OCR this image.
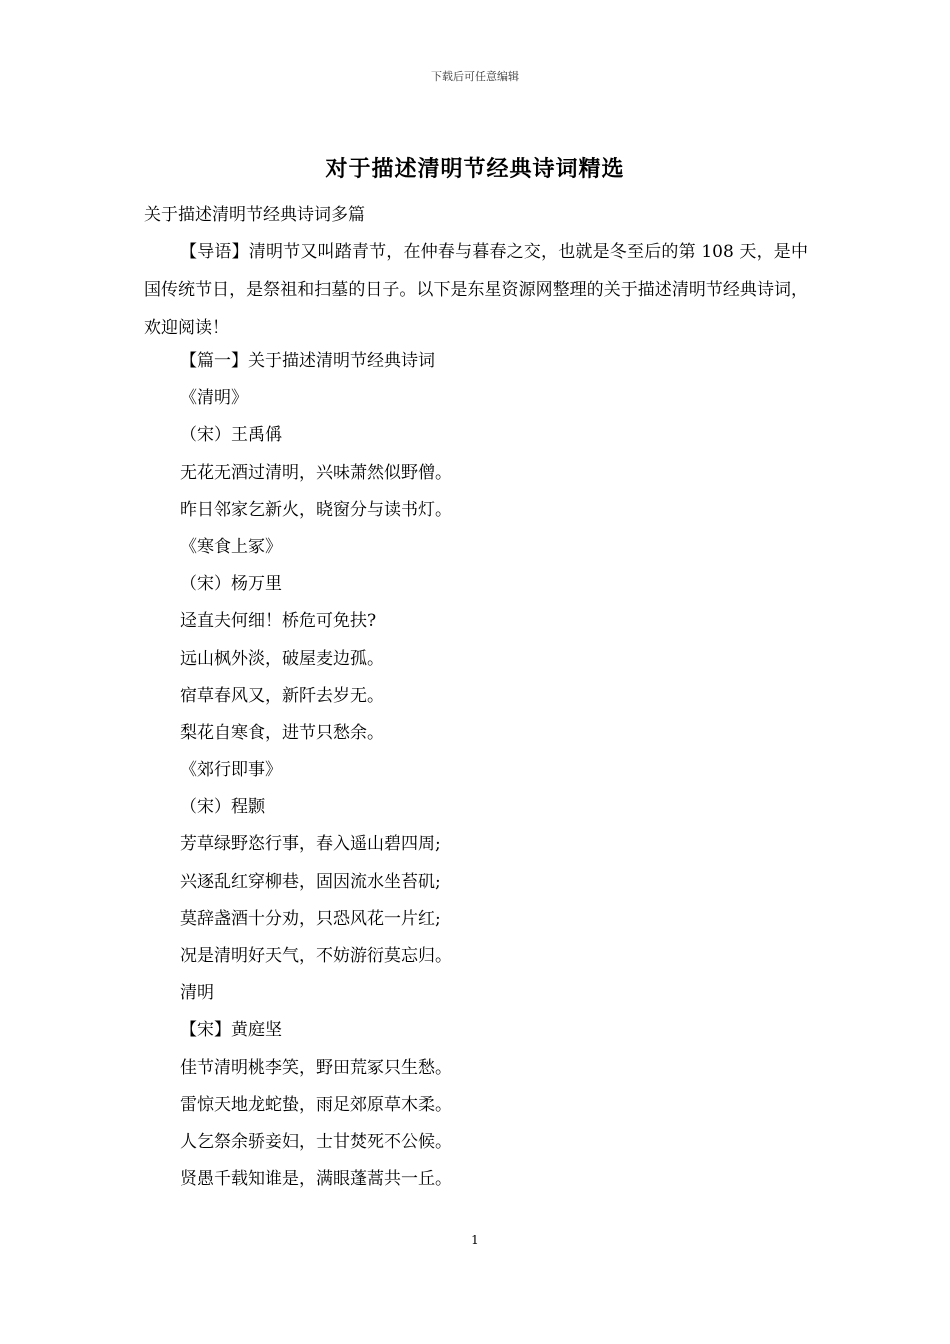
下载后可任意编辑
对于描述清明节经典诗词精选
关于描述清明节经典诗词多篇
【导语】清明节又叫踏青节，在仲春与暮春之交，也就是冬至后的第 108 天，是中国传统节日，是祭祖和扫墓的日子。以下是东星资源网整理的关于描述清明节经典诗词，欢迎阅读！
【篇一】关于描述清明节经典诗词
《清明》
（宋）王禹偁
无花无酒过清明，兴味萧然似野僧。
昨日邻家乞新火，晓窗分与读书灯。
《寒食上冢》
（宋）杨万里
迳直夫何细！桥危可免扶?
远山枫外淡，破屋麦边孤。
宿草春风又，新阡去岁无。
梨花自寒食，进节只愁余。
《郊行即事》
（宋）程颢
芳草绿野恣行事，春入遥山碧四周;
兴逐乱红穿柳巷，固因流水坐苔矶;
莫辞盏酒十分劝，只恐风花一片红;
况是清明好天气，不妨游衍莫忘归。
清明
【宋】黄庭坚
佳节清明桃李笑，野田荒冢只生愁。
雷惊天地龙蛇蛰，雨足郊原草木柔。
人乞祭余骄妾妇，士甘焚死不公候。
贤愚千载知谁是，满眼蓬蒿共一丘。
1
